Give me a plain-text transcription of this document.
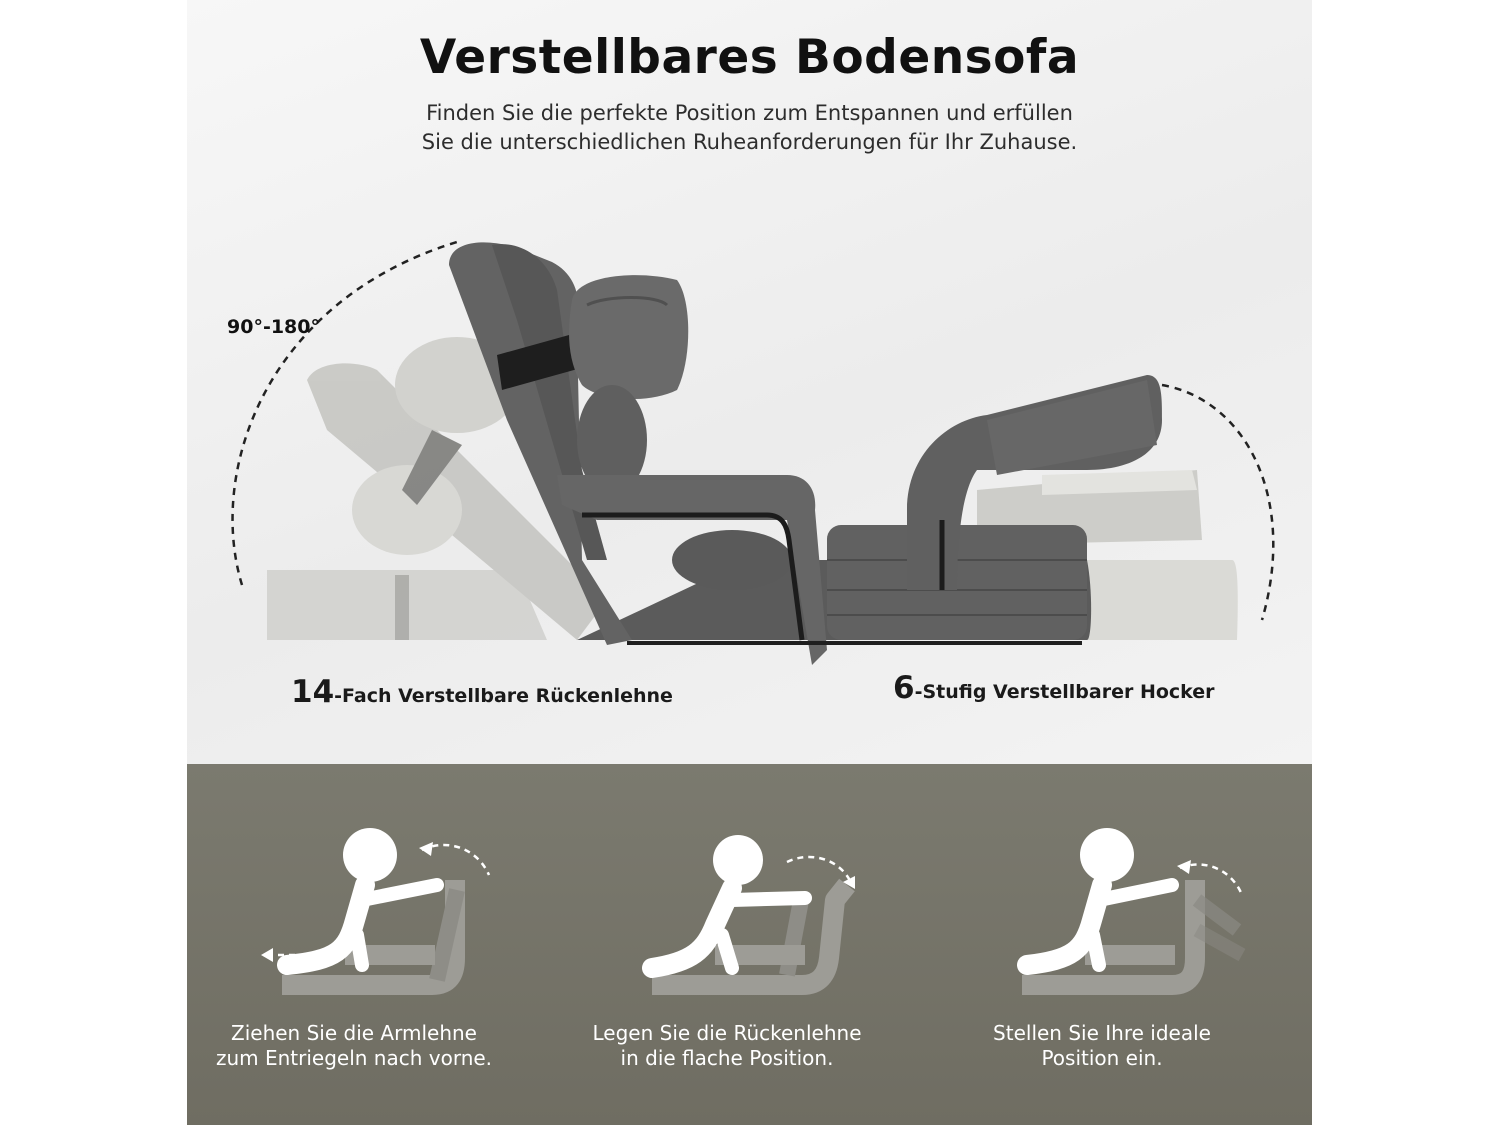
Verstellbares Bodensofa
Finden Sie die perfekte Position zum Entspannen und erfüllen
Sie die unterschiedlichen Ruheanforderungen für Ihr Zuhause.
90°-180°
14-Fach Verstellbare Rückenlehne	6-Stufig Verstellbarer Hocker
Ziehen Sie die Armlehne
zum Entriegeln nach vorne.
Legen Sie die Rückenlehne
in die flache Position.
Stellen Sie Ihre ideale
Position ein.
